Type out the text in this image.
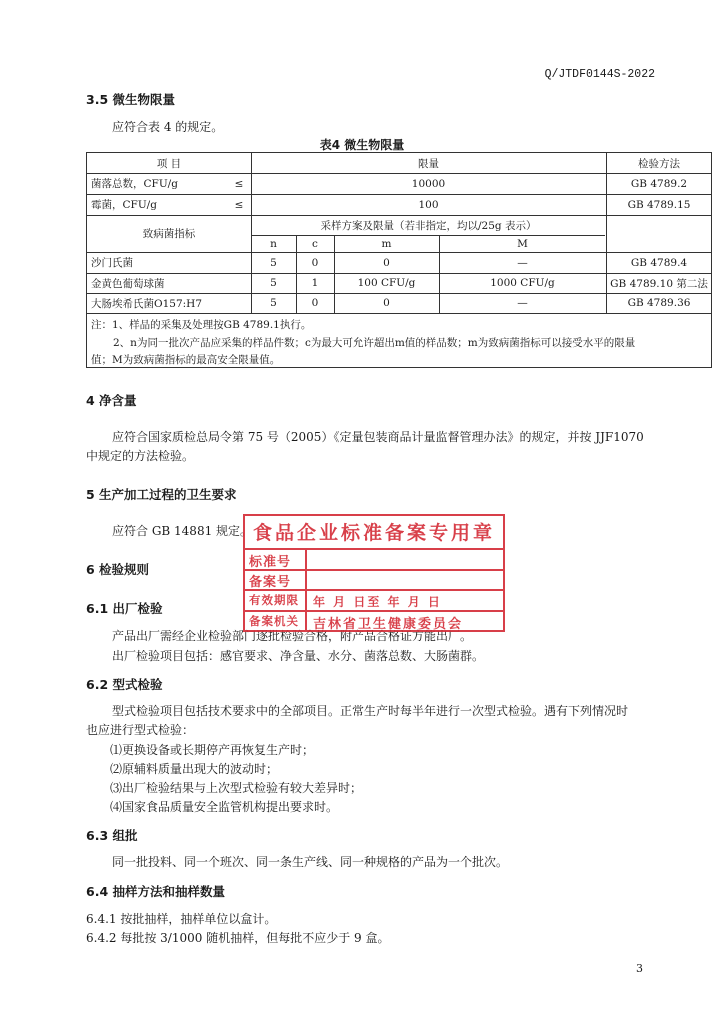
Q/JTDF0144S-2022
3.5 微生物限量
应符合表 4 的规定。
表4 微生物限量
项 目	限量	检验方法
菌落总数，CFU/g	≤	10000	GB 4789.2
霉菌，CFU/g	≤	100	GB 4789.15
致病菌指标
采样方案及限量（若非指定，均以/25g 表示）
n	c	m	M
沙门氏菌	5	0	0	—	GB 4789.4
金黄色葡萄球菌	5	1	100 CFU/g	1000 CFU/g	GB 4789.10 第二法
大肠埃希氏菌O157:H7	5	0	0	—	GB 4789.36
注：1、样品的采集及处理按GB 4789.1执行。
2、n为同一批次产品应采集的样品件数；c为最大可允许超出m值的样品数；m为致病菌指标可以接受水平的限量
值；M为致病菌指标的最高安全限量值。
4 净含量
应符合国家质检总局令第 75 号（2005）《定量包装商品计量监督管理办法》的规定，并按 JJF1070
中规定的方法检验。
5 生产加工过程的卫生要求
应符合 GB 14881 规定。
6 检验规则
6.1 出厂检验
产品出厂需经企业检验部门逐批检验合格，附产品合格证方能出厂。
出厂检验项目包括：感官要求、净含量、水分、菌落总数、大肠菌群。
6.2 型式检验
型式检验项目包括技术要求中的全部项目。正常生产时每半年进行一次型式检验。遇有下列情况时
也应进行型式检验：
⑴更换设备或长期停产再恢复生产时；
⑵原辅料质量出现大的波动时；
⑶出厂检验结果与上次型式检验有较大差异时；
⑷国家食品质量安全监管机构提出要求时。
6.3 组批
同一批投料、同一个班次、同一条生产线、同一种规格的产品为一个批次。
6.4 抽样方法和抽样数量
6.4.1 按批抽样，抽样单位以盒计。
6.4.2 每批按 3/1000 随机抽样，但每批不应少于 9 盒。
食品企业标准备案专用章
标准号
备案号
有效期限 年 月 日至 年 月 日
备案机关 吉林省卫生健康委员会
3
